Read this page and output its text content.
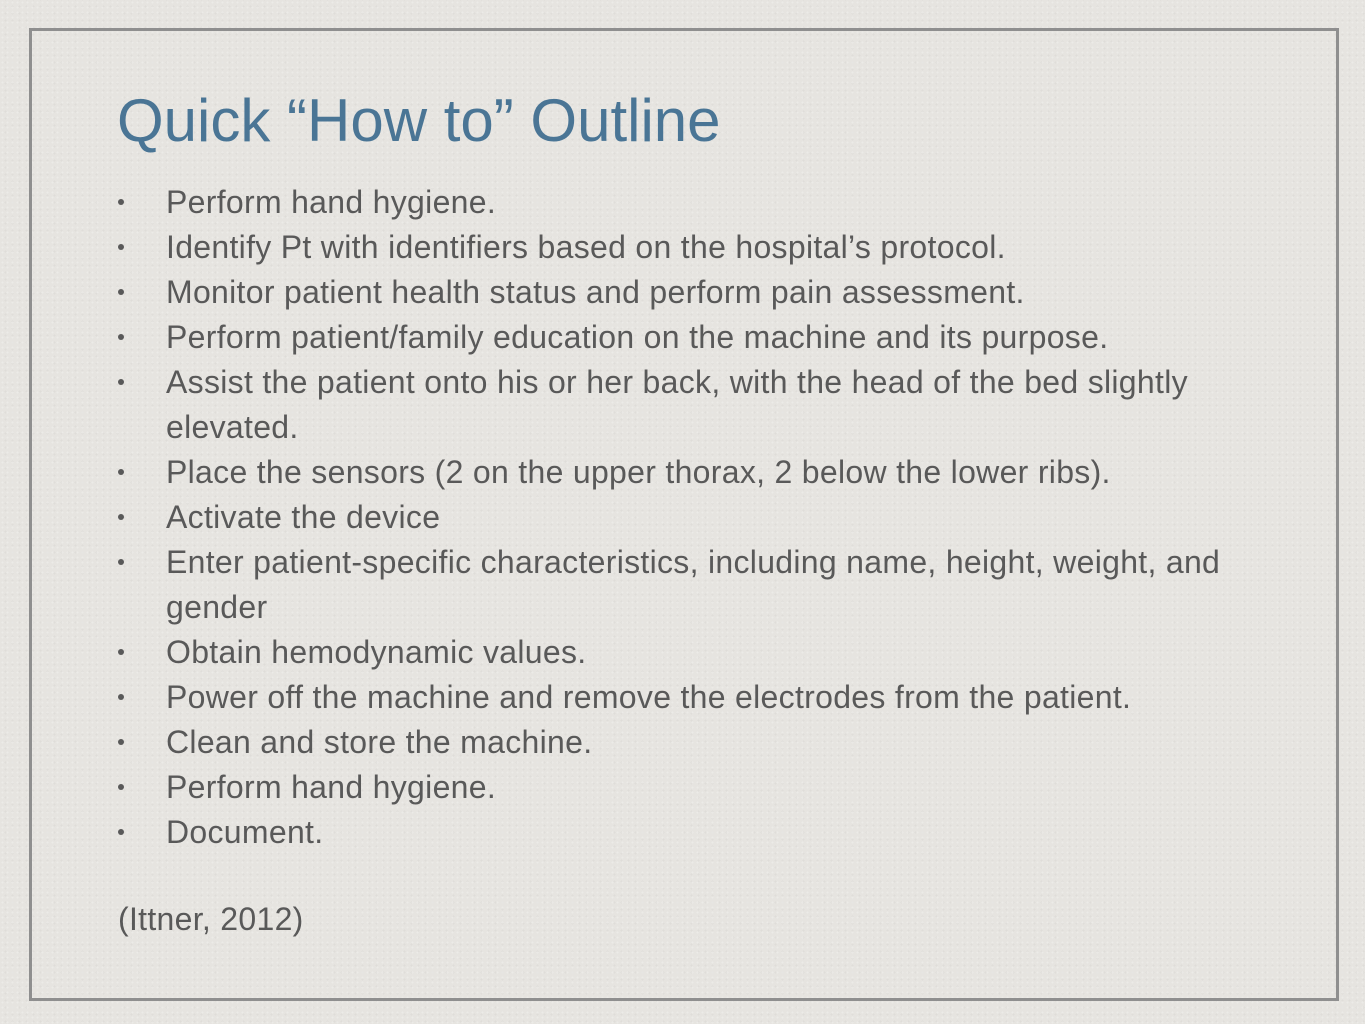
Quick “How to” Outline
Perform hand hygiene.
Identify Pt with identifiers based on the hospital’s protocol.
Monitor patient health status and perform pain assessment.
Perform patient/family education on the machine and its purpose.
Assist the patient onto his or her back, with the head of the bed slightly elevated.
Place the sensors (2 on the upper thorax, 2 below the lower ribs).
Activate the device
Enter patient-specific characteristics, including name, height, weight, and gender
Obtain hemodynamic values.
Power off the machine and remove the electrodes from the patient.
Clean and store the machine.
Perform hand hygiene.
Document.

(Ittner, 2012)
